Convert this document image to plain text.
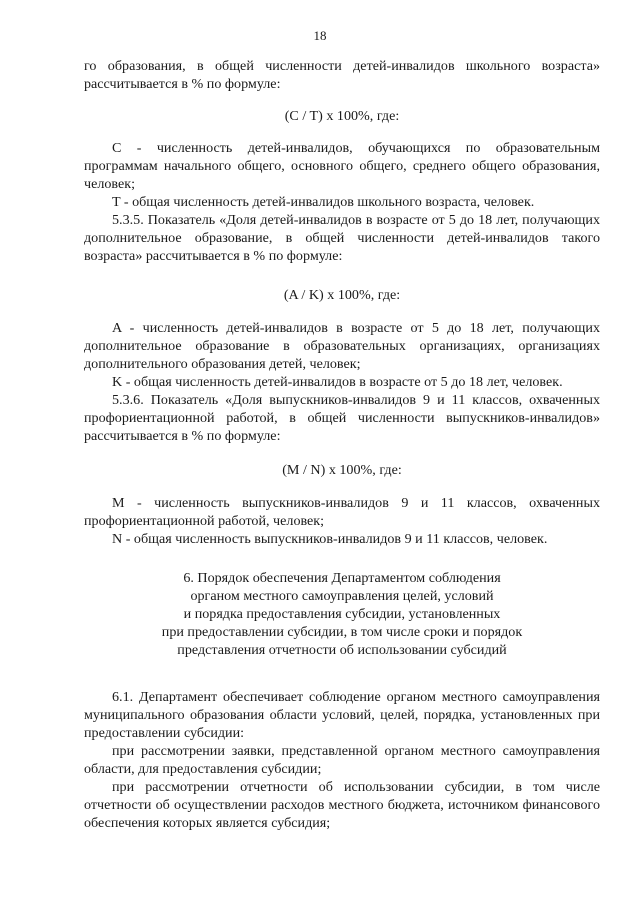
18

го образования, в общей численности детей-инвалидов школьного возраста» рассчитывается в % по формуле:

(C / T) x 100%, где:

C - численность детей-инвалидов, обучающихся по образовательным программам начального общего, основного общего, среднего общего образования, человек;

T - общая численность детей-инвалидов школьного возраста, человек.

5.3.5. Показатель «Доля детей-инвалидов в возрасте от 5 до 18 лет, получающих дополнительное образование, в общей численности детей-инвалидов такого возраста» рассчитывается в % по формуле:

(A / K) x 100%, где:

A - численность детей-инвалидов в возрасте от 5 до 18 лет, получающих дополнительное образование в образовательных организациях, организациях дополнительного образования детей, человек;

K - общая численность детей-инвалидов в возрасте от 5 до 18 лет, человек.

5.3.6. Показатель «Доля выпускников-инвалидов 9 и 11 классов, охваченных профориентационной работой, в общей численности выпускников-инвалидов» рассчитывается в % по формуле:

(M / N) x 100%, где:

M - численность выпускников-инвалидов 9 и 11 классов, охваченных профориентационной работой, человек;

N - общая численность выпускников-инвалидов 9 и 11 классов, человек.

6. Порядок обеспечения Департаментом соблюдения

органом местного самоуправления целей, условий

и порядка предоставления субсидии, установленных

при предоставлении субсидии, в том числе сроки и порядок

представления отчетности об использовании субсидий

6.1. Департамент обеспечивает соблюдение органом местного самоуправления муниципального образования области условий, целей, порядка, установленных при предоставлении субсидии:

при рассмотрении заявки, представленной органом местного самоуправления области, для предоставления субсидии;

при рассмотрении отчетности об использовании субсидии, в том числе отчетности об осуществлении расходов местного бюджета, источником финансового обеспечения которых является субсидия;
